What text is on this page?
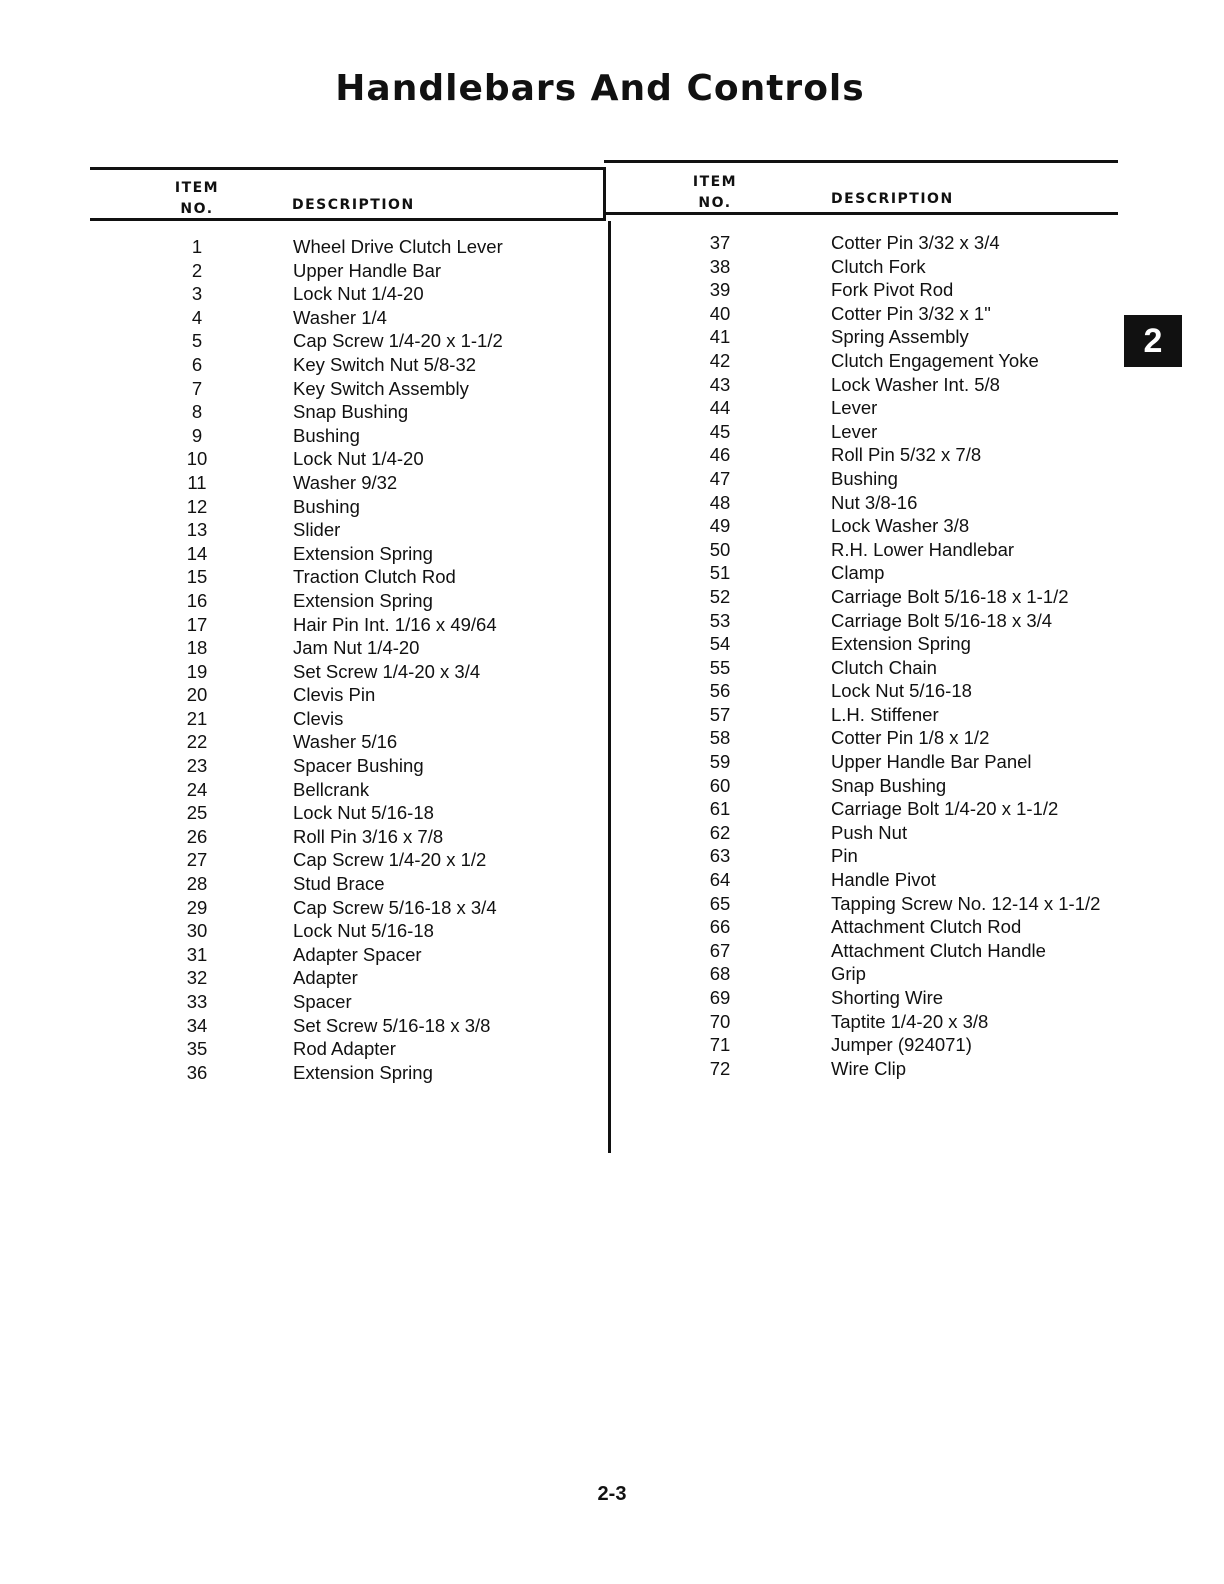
Handlebars And Controls
ITEM
NO.	DESCRIPTION
ITEM
NO.	DESCRIPTION
1	Wheel Drive Clutch Lever
2	Upper Handle Bar
3	Lock Nut 1/4-20
4	Washer 1/4
5	Cap Screw 1/4-20 x 1-1/2
6	Key Switch Nut 5/8-32
7	Key Switch Assembly
8	Snap Bushing
9	Bushing
10	Lock Nut 1/4-20
11	Washer 9/32
12	Bushing
13	Slider
14	Extension Spring
15	Traction Clutch Rod
16	Extension Spring
17	Hair Pin Int. 1/16 x 49/64
18	Jam Nut 1/4-20
19	Set Screw 1/4-20 x 3/4
20	Clevis Pin
21	Clevis
22	Washer 5/16
23	Spacer Bushing
24	Bellcrank
25	Lock Nut 5/16-18
26	Roll Pin 3/16 x 7/8
27	Cap Screw 1/4-20 x 1/2
28	Stud Brace
29	Cap Screw 5/16-18 x 3/4
30	Lock Nut 5/16-18
31	Adapter Spacer
32	Adapter
33	Spacer
34	Set Screw 5/16-18 x 3/8
35	Rod Adapter
36	Extension Spring
37	Cotter Pin 3/32 x 3/4
38	Clutch Fork
39	Fork Pivot Rod
40	Cotter Pin 3/32 x 1"
41	Spring Assembly
42	Clutch Engagement Yoke
43	Lock Washer Int. 5/8
44	Lever
45	Lever
46	Roll Pin 5/32 x 7/8
47	Bushing
48	Nut 3/8-16
49	Lock Washer 3/8
50	R.H. Lower Handlebar
51	Clamp
52	Carriage Bolt 5/16-18 x 1-1/2
53	Carriage Bolt 5/16-18 x 3/4
54	Extension Spring
55	Clutch Chain
56	Lock Nut 5/16-18
57	L.H. Stiffener
58	Cotter Pin 1/8 x 1/2
59	Upper Handle Bar Panel
60	Snap Bushing
61	Carriage Bolt 1/4-20 x 1-1/2
62	Push Nut
63	Pin
64	Handle Pivot
65	Tapping Screw No. 12-14 x 1-1/2
66	Attachment Clutch Rod
67	Attachment Clutch Handle
68	Grip
69	Shorting Wire
70	Taptite 1/4-20 x 3/8
71	Jumper (924071)
72	Wire Clip
2
2-3
